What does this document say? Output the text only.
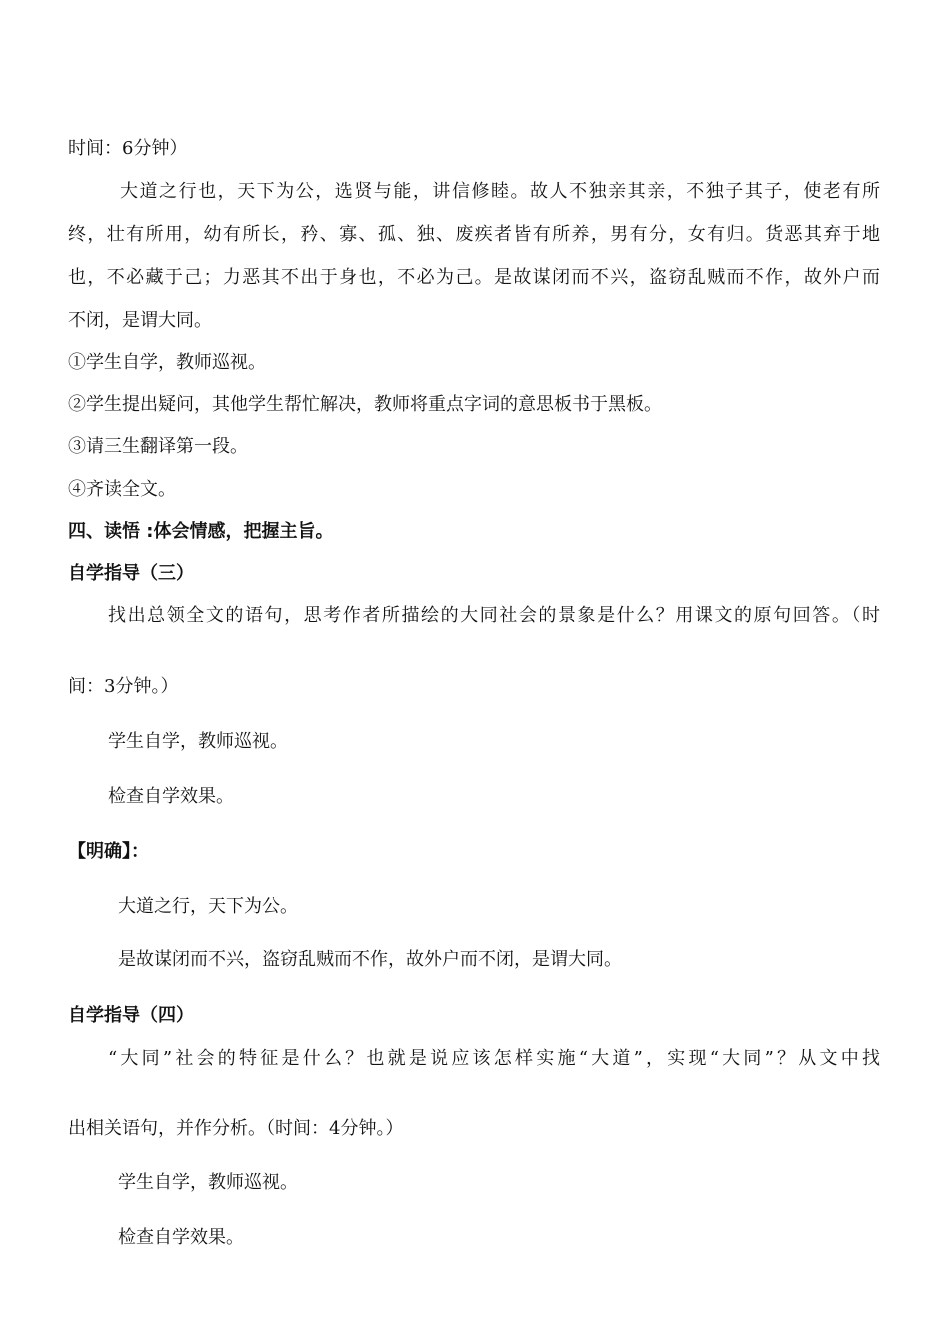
时间：6分钟）
大道之行也，天下为公，选贤与能，讲信修睦。故人不独亲其亲，不独子其子，使老有所
终，壮有所用，幼有所长，矜、寡、孤、独、废疾者皆有所养，男有分，女有归。货恶其弃于地
也，不必藏于己；力恶其不出于身也，不必为己。是故谋闭而不兴，盗窃乱贼而不作，故外户而
不闭，是谓大同。
①学生自学，教师巡视。
②学生提出疑问，其他学生帮忙解决，教师将重点字词的意思板书于黑板。
③请三生翻译第一段。
④齐读全文。
四、读悟 :体会情感，把握主旨。
自学指导（三）
找出总领全文的语句，思考作者所描绘的大同社会的景象是什么？用课文的原句回答。（时
间：3分钟。）
学生自学，教师巡视。
检查自学效果。
【明确】：
大道之行，天下为公。
是故谋闭而不兴，盗窃乱贼而不作，故外户而不闭，是谓大同。
自学指导（四）
“大同”社会的特征是什么？也就是说应该怎样实施“大道”，实现“大同”？从文中找
出相关语句，并作分析。（时间：4分钟。）
学生自学，教师巡视。
检查自学效果。
